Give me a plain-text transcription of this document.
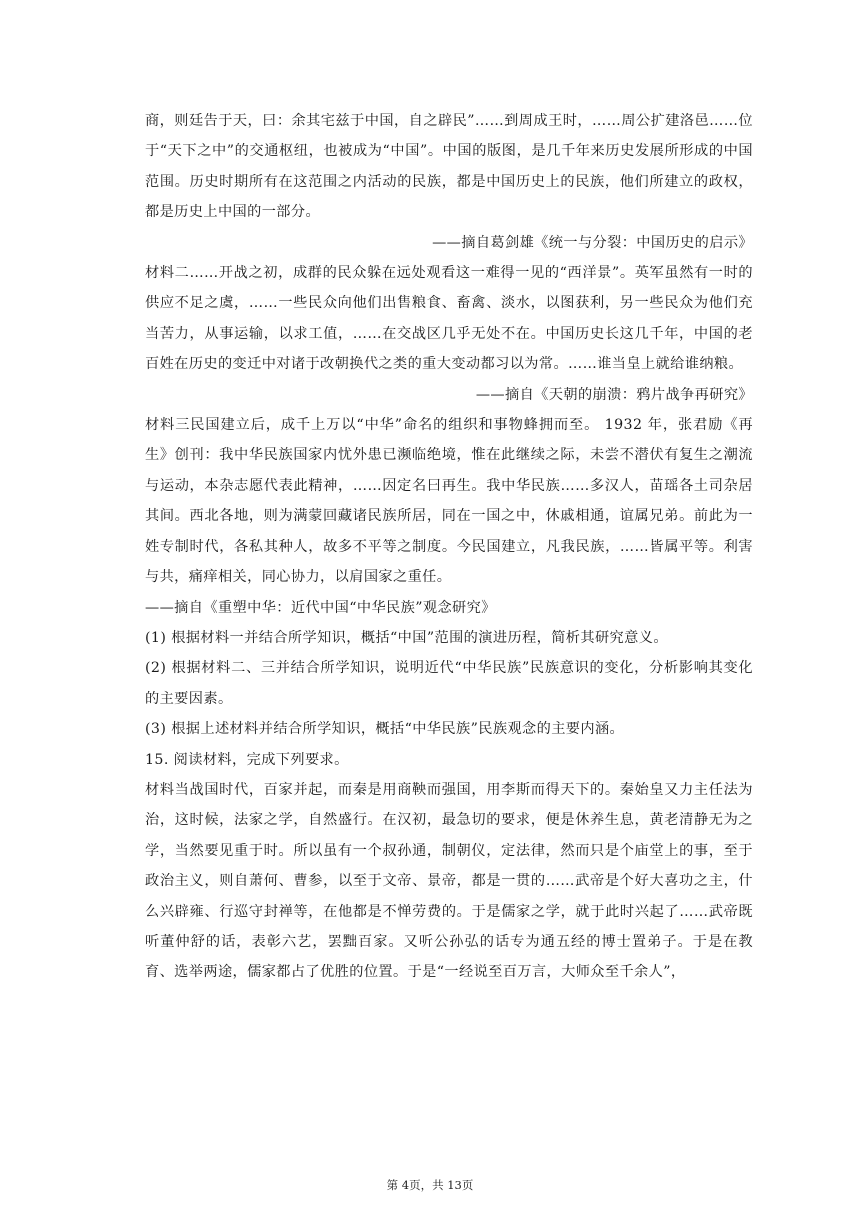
商，则廷告于天，曰：余其宅兹于中国，自之辟民”……到周成王时，……周公扩建洛邑……位于“天下之中”的交通枢纽，也被成为“中国”。中国的版图，是几千年来历史发展所形成的中国范围。历史时期所有在这范围之内活动的民族，都是中国历史上的民族，他们所建立的政权，都是历史上中国的一部分。

——摘自葛剑雄《统一与分裂：中国历史的启示》

材料二……开战之初，成群的民众躲在远处观看这一难得一见的“西洋景”。英军虽然有一时的供应不足之虞，……一些民众向他们出售粮食、畜禽、淡水，以图获利，另一些民众为他们充当苦力，从事运输，以求工值，……在交战区几乎无处不在。中国历史长这几千年，中国的老百姓在历史的变迁中对诸于改朝换代之类的重大变动都习以为常。……谁当皇上就给谁纳粮。

——摘自《天朝的崩溃：鸦片战争再研究》

材料三民国建立后，成千上万以“中华”命名的组织和事物蜂拥而至。 1932 年，张君励《再生》创刊：我中华民族国家内忧外患已濒临绝境，惟在此继续之际，未尝不潜伏有复生之潮流与运动，本杂志愿代表此精神，……因定名曰再生。我中华民族……多汉人，苗瑶各土司杂居其间。西北各地，则为满蒙回藏诸民族所居，同在一国之中，休戚相通，谊属兄弟。前此为一姓专制时代，各私其种人，故多不平等之制度。今民国建立，凡我民族，……皆属平等。利害与共，痛痒相关，同心协力，以肩国家之重任。

——摘自《重塑中华：近代中国“中华民族”观念研究》

(1) 根据材料一并结合所学知识，概括“中国”范围的演进历程，简析其研究意义。

(2) 根据材料二、三并结合所学知识，说明近代“中华民族”民族意识的变化，分析影响其变化的主要因素。

(3) 根据上述材料并结合所学知识，概括“中华民族”民族观念的主要内涵。

15. 阅读材料，完成下列要求。

材料当战国时代，百家并起，而秦是用商鞅而强国，用李斯而得天下的。秦始皇又力主任法为治，这时候，法家之学，自然盛行。在汉初，最急切的要求，便是休养生息，黄老清静无为之学，当然要见重于时。所以虽有一个叔孙通，制朝仪，定法律，然而只是个庙堂上的事，至于政治主义，则自萧何、曹参，以至于文帝、景帝，都是一贯的……武帝是个好大喜功之主，什么兴辟雍、行巡守封禅等，在他都是不惮劳费的。于是儒家之学，就于此时兴起了……武帝既听董仲舒的话，表彰六艺，罢黜百家。又听公孙弘的话专为通五经的博士置弟子。于是在教育、选举两途，儒家都占了优胜的位置。于是“一经说至百万言，大师众至千余人”，

第 4页，共 13页
